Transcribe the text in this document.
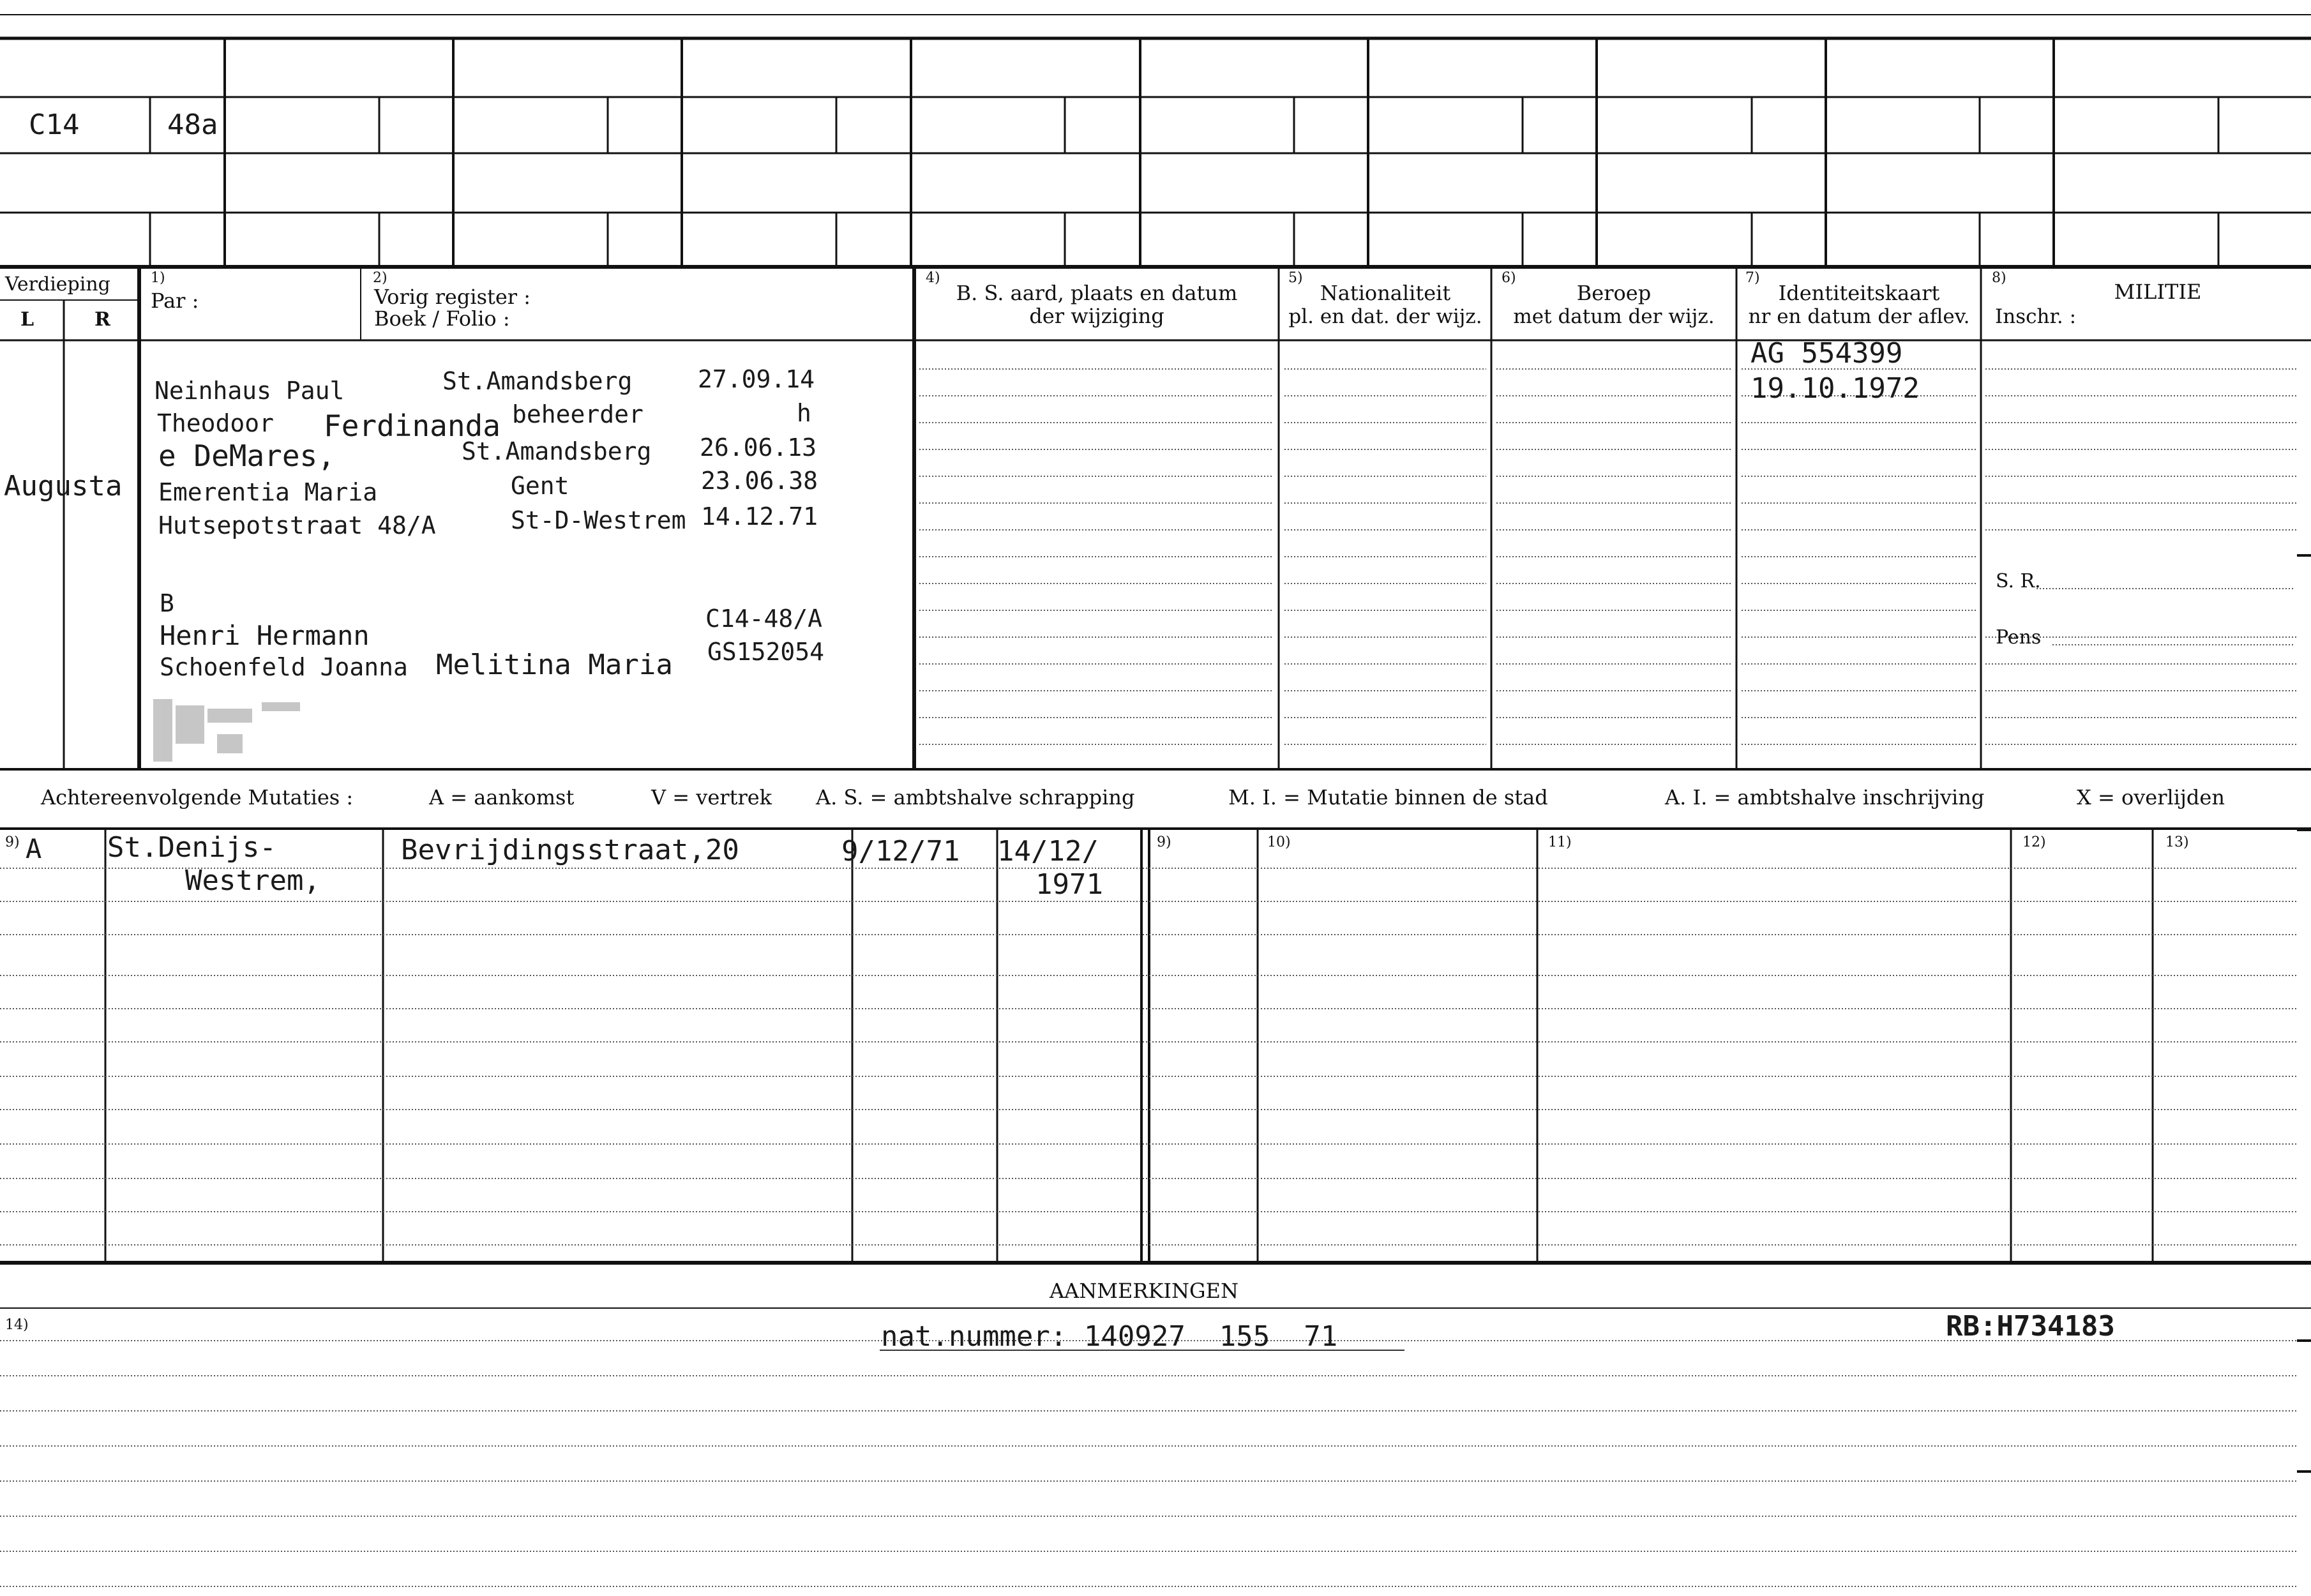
C14	48a
Verdieping
L	R
1)
Par :
2)
Vorig register :
Boek / Folio :
4)
B. S. aard, plaats en datum
der wijziging
5)
Nationaliteit
pl. en dat. der wijz.
6)
Beroep
met datum der wijz.
7)
Identiteitskaart
nr en datum der aflev.
8)
MILITIE
Inschr. :
S. R.
Pens
Augusta
Neinhaus Paul	St.Amandsberg	27.09.14
Theodoor Ferdinanda beheerder	h
e DeMares,	St.Amandsberg 26.06.13
Emerentia Maria	Gent	23.06.38
Hutsepotstraat 48/A	St-D-Westrem 14.12.71
B
Henri Hermann
C14-48/A
Schoenfeld Joanna Melitina Maria GS152054
AG 554399
19.10.1972
Achtereenvolgende Mutaties :	A = aankomst	V = vertrek A. S. = ambtshalve schrapping	M. I. = Mutatie binnen de stad	A. I. = ambtshalve inschrijving	X = overlijden
9)	9)	10)	11)	12)	13)
A St.Denijs-
Westrem,
Bevrijdingsstraat,20	9/12/71 14/12/
1971
AANMERKINGEN
14)	nat.nummer: 140927  155  71	RB:H734183
